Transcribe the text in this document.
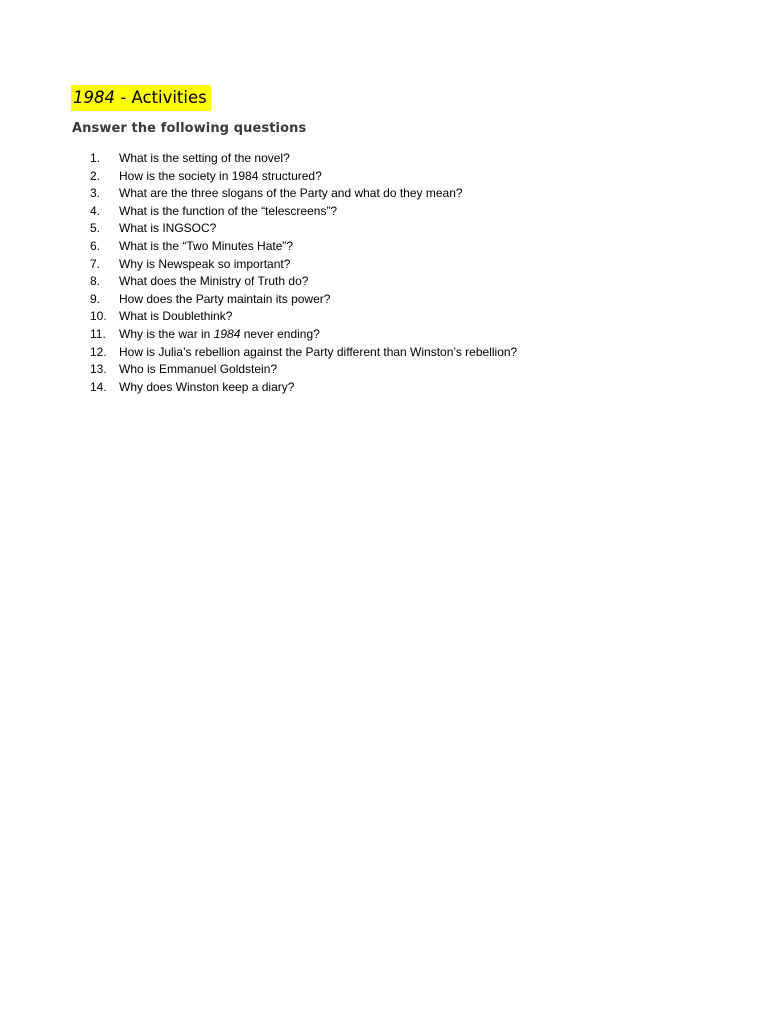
1984 - Activities
Answer the following questions
1. What is the setting of the novel?
2. How is the society in 1984 structured?
3. What are the three slogans of the Party and what do they mean?
4. What is the function of the “telescreens”?
5. What is INGSOC?
6. What is the “Two Minutes Hate”?
7. Why is Newspeak so important?
8. What does the Ministry of Truth do?
9. How does the Party maintain its power?
10. What is Doublethink?
11. Why is the war in 1984 never ending?
12. How is Julia’s rebellion against the Party different than Winston’s rebellion?
13. Who is Emmanuel Goldstein?
14. Why does Winston keep a diary?
